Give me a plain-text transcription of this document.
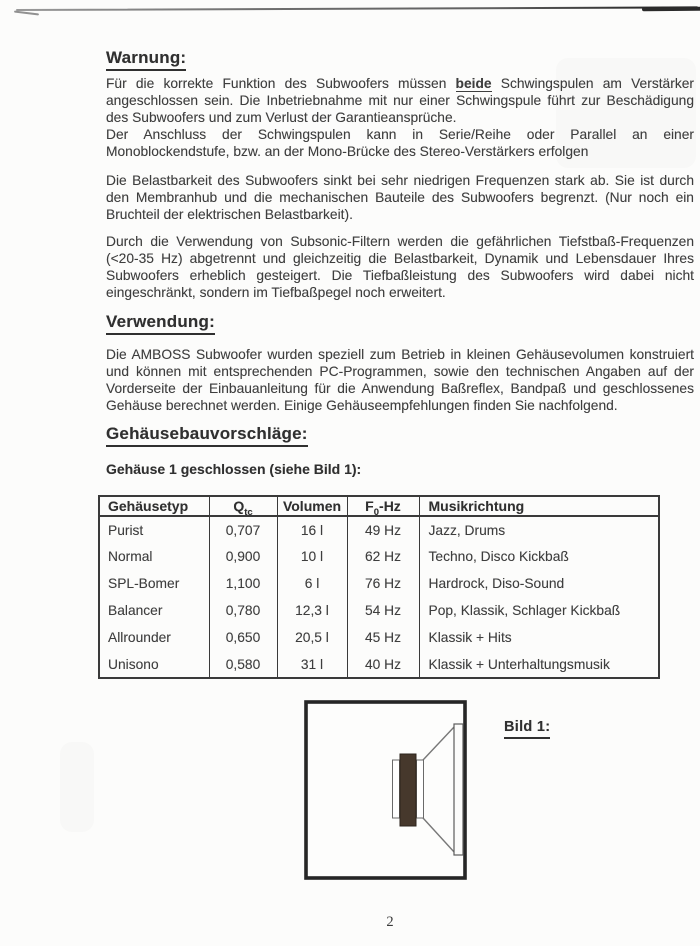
Warnung:

Für die korrekte Funktion des Subwoofers müssen beide Schwingspulen am Verstärker angeschlossen sein. Die Inbetriebnahme mit nur einer Schwingspule führt zur Beschädigung des Subwoofers und zum Verlust der Garantieansprüche.

Der Anschluss der Schwingspulen kann in Serie/Reihe oder Parallel an einer Monoblockendstufe, bzw. an der Mono-Brücke des Stereo-Verstärkers erfolgen

Die Belastbarkeit des Subwoofers sinkt bei sehr niedrigen Frequenzen stark ab. Sie ist durch den Membranhub und die mechanischen Bauteile des Subwoofers begrenzt. (Nur noch ein Bruchteil der elektrischen Belastbarkeit).

Durch die Verwendung von Subsonic-Filtern werden die gefährlichen Tiefstbaß-Frequenzen (<20-35 Hz) abgetrennt und gleichzeitig die Belastbarkeit, Dynamik und Lebensdauer Ihres Subwoofers erheblich gesteigert. Die Tiefbaßleistung des Subwoofers wird dabei nicht eingeschränkt, sondern im Tiefbaßpegel noch erweitert.

Verwendung:

Die AMBOSS Subwoofer wurden speziell zum Betrieb in kleinen Gehäusevolumen konstruiert und können mit entsprechenden PC-Programmen, sowie den technischen Angaben auf der Vorderseite der Einbauanleitung für die Anwendung Baßreflex, Bandpaß und geschlossenes Gehäuse berechnet werden. Einige Gehäuseempfehlungen finden Sie nachfolgend.

Gehäusebauvorschläge:
Gehäuse 1 geschlossen (siehe Bild 1):
Gehäusetyp	$Q_{tc}$	Volumen	$F_0-Hz$	Musikrichtung
Purist	0,707	16 l	49 Hz	Jazz, Drums
Normal	0,900	10 l	62 Hz	Techno, Disco Kickbaß
SPL-Bomer	1,100	6 l	76 Hz	Hardrock, Diso-Sound
Balancer	0,780	12,3 l	54 Hz	Pop, Klassik, Schlager Kickbaß
Allrounder	0,650	20,5 l	45 Hz	Klassik + Hits
Unisono	0,580	31 l	40 Hz	Klassik + Unterhaltungsmusik
Bild 1:
2
